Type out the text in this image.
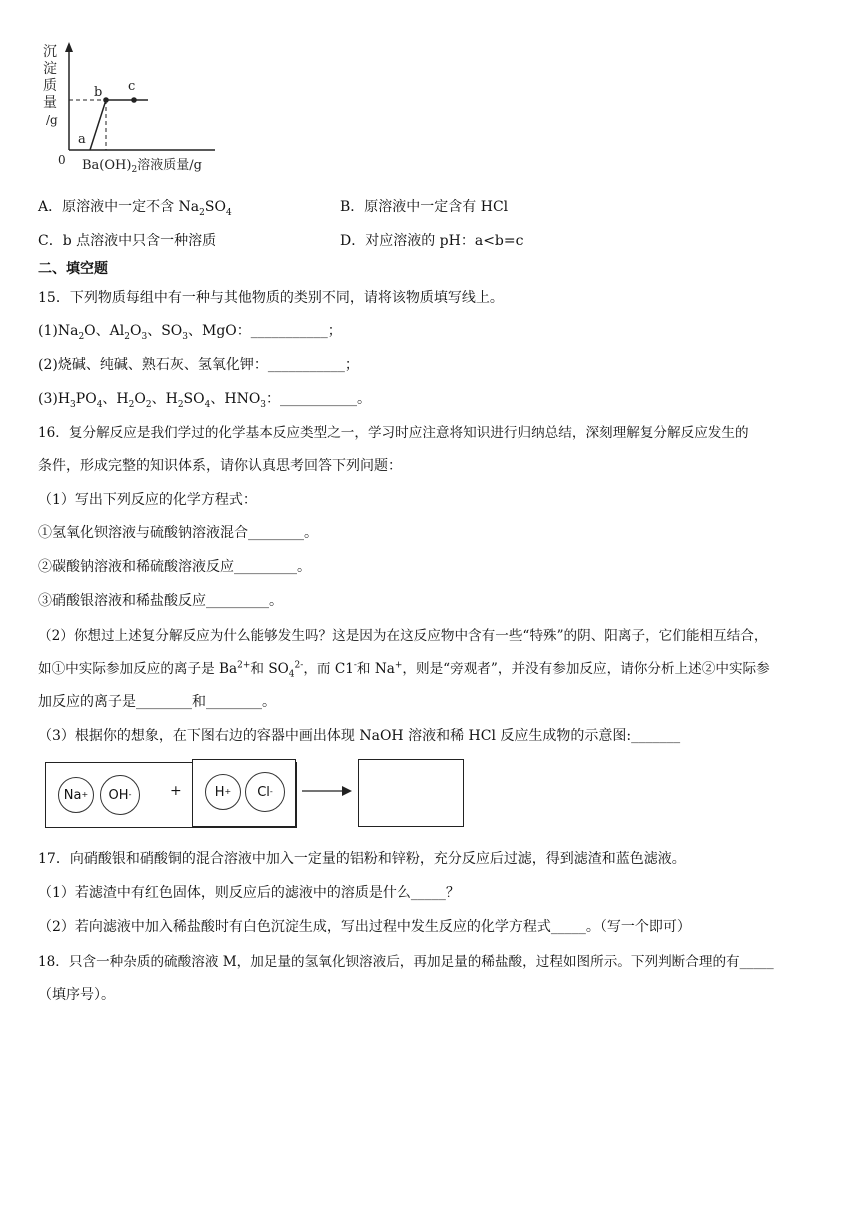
沉
淀
质
量
/g
0
a
b c
$Ba(OH)_2$溶液质量/g
A．原溶液中一定不含 $Na_2SO_4$	B．原溶液中一定含有 HCl
C．b 点溶液中只含一种溶质	D．对应溶液的 pH：a<b=c
二、填空题
15．下列物质每组中有一种与其他物质的类别不同，请将该物质填写线上。
$(1)Na_2O$、$Al_2O_3$、$SO_3$、MgO：___________；
(2)烧碱、纯碱、熟石灰、氢氧化钾：___________；
$(3)H_3PO_4$、$H_2O_2$、$H_2SO_4$、$HNO_3$：___________。
16．复分解反应是我们学过的化学基本反应类型之一，学习时应注意将知识进行归纳总结，深刻理解复分解反应发生的
条件，形成完整的知识体系，请你认真思考回答下列问题：
（1）写出下列反应的化学方程式：
①氢氧化钡溶液与硫酸钠溶液混合________。
②碳酸钠溶液和稀硫酸溶液反应_________。
③硝酸银溶液和稀盐酸反应_________。
（2）你想过上述复分解反应为什么能够发生吗？这是因为在这反应物中含有一些“特殊”的阴、阳离子，它们能相互结合，
如①中实际参加反应的离子是 $Ba^{2+}$和 $SO_4^{2-}$，而 C1-和 Na+，则是“旁观者”，并没有参加反应，请你分析上述②中实际参
加反应的离子是________和________。
（3）根据你的想象，在下图右边的容器中画出体现 NaOH 溶液和稀 HCl 反应生成物的示意图:_______
Na + OH -	+	H + Cl -
17．向硝酸银和硝酸铜的混合溶液中加入一定量的铝粉和锌粉，充分反应后过滤，得到滤渣和蓝色滤液。
（1）若滤渣中有红色固体，则反应后的滤液中的溶质是什么_____？
（2）若向滤液中加入稀盐酸时有白色沉淀生成，写出过程中发生反应的化学方程式_____。（写一个即可）
18．只含一种杂质的硫酸溶液 M，加足量的氢氧化钡溶液后，再加足量的稀盐酸，过程如图所示。下列判断合理的有_____
（填序号）。
